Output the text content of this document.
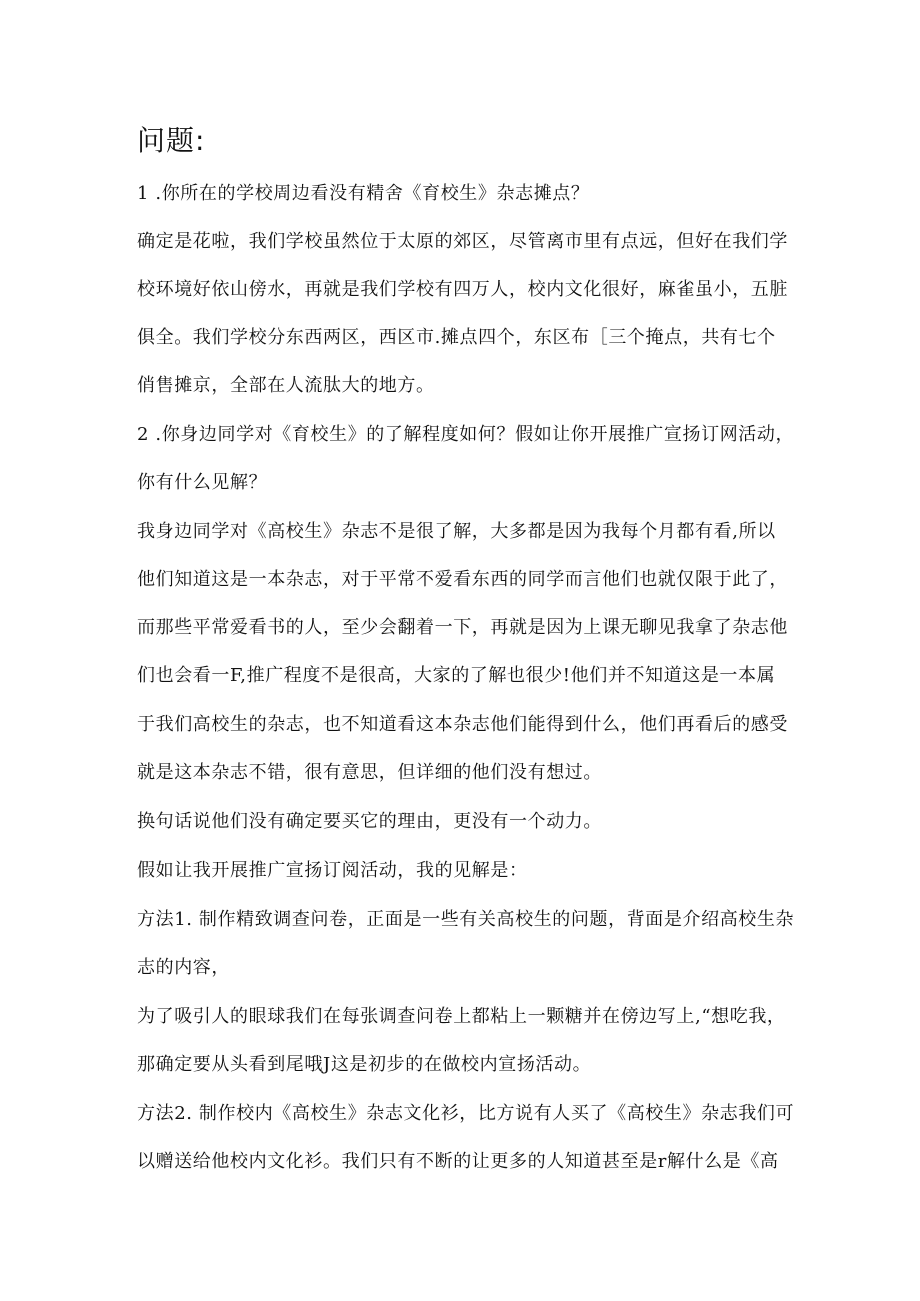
问题:

1 .你所在的学校周边看没有精舍《育校生》杂志摊点？

确定是花啦，我们学校虽然位于太原的郊区，尽管离市里有点远，但好在我们学

校环境好依山傍水，再就是我们学校有四万人，校内文化很好，麻雀虽小，五脏

俱全。我们学校分东西两区，西区市.摊点四个，东区布［三个掩点，共有七个

俏售摊京，全部在人流肽大的地方。

2 .你身边同学对《育校生》的了解程度如何？假如让你开展推广宣扬订网活动，

你有什么见解？

我身边同学对《高校生》杂志不是很了解，大多都是因为我每个月都有看,所以

他们知道这是一本杂志，对于平常不爱看东西的同学而言他们也就仅限于此了，

而那些平常爱看书的人，至少会翻着一下，再就是因为上课无聊见我拿了杂志他

们也会看一F,推广程度不是很高，大家的了解也很少!他们并不知道这是一本属

于我们高校生的杂志，也不知道看这本杂志他们能得到什么，他们再看后的感受

就是这本杂志不错，很有意思，但详细的他们没有想过。

换句话说他们没有确定要买它的理由，更没有一个动力。

假如让我开展推广宣扬订阅活动，我的见解是：

方法1. 制作精致调查问卷，正面是一些有关高校生的问题，背面是介绍高校生杂

志的内容，

为了吸引人的眼球我们在每张调查问卷上都粘上一颗糖并在傍边写上,“想吃我，

那确定要从头看到尾哦J这是初步的在做校内宣扬活动。

方法2. 制作校内《高校生》杂志文化衫，比方说有人买了《高校生》杂志我们可

以赠送给他校内文化衫。我们只有不断的让更多的人知道甚至是r解什么是《高
